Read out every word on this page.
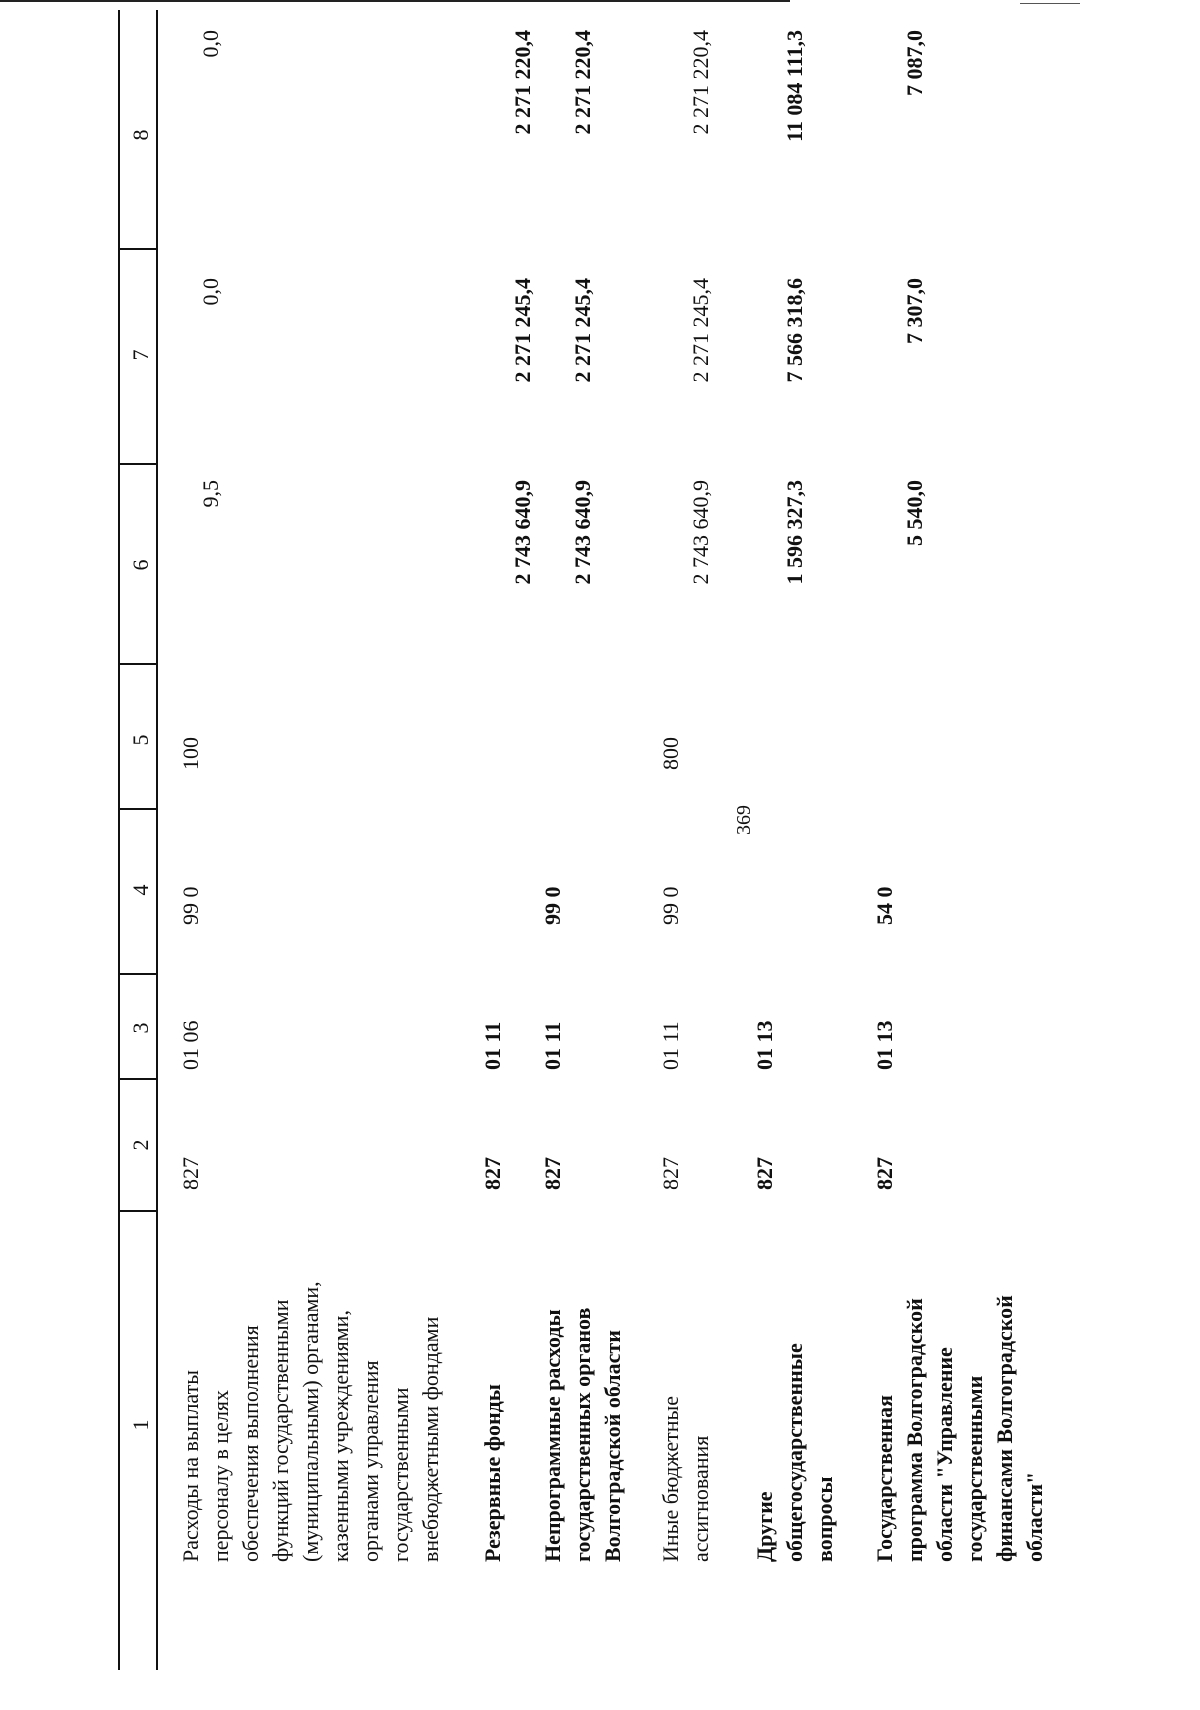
369
1
2
3
4
5
6
7
8
Расходы на выплаты персоналу в целях обеспечения выполнения функций государственными (муниципальными) органами, казенными учреждениями, органами управления государственными внебюджетными фондами
827
01 06
99 0
100
9,5
0,0
0,0
Резервные фонды
827
01 11
2 743 640,9
2 271 245,4
2 271 220,4
Непрограммные расходы государственных органов Волгоградской области
827
01 11
99 0
2 743 640,9
2 271 245,4
2 271 220,4
Иные бюджетные ассигнования
827
01 11
99 0
800
2 743 640,9
2 271 245,4
2 271 220,4
Другие общегосударственные вопросы
827
01 13
1 596 327,3
7 566 318,6
11 084 111,3
Государственная программа Волгоградской области "Управление государственными финансами Волгоградской области"
827
01 13
54 0
5 540,0
7 307,0
7 087,0
